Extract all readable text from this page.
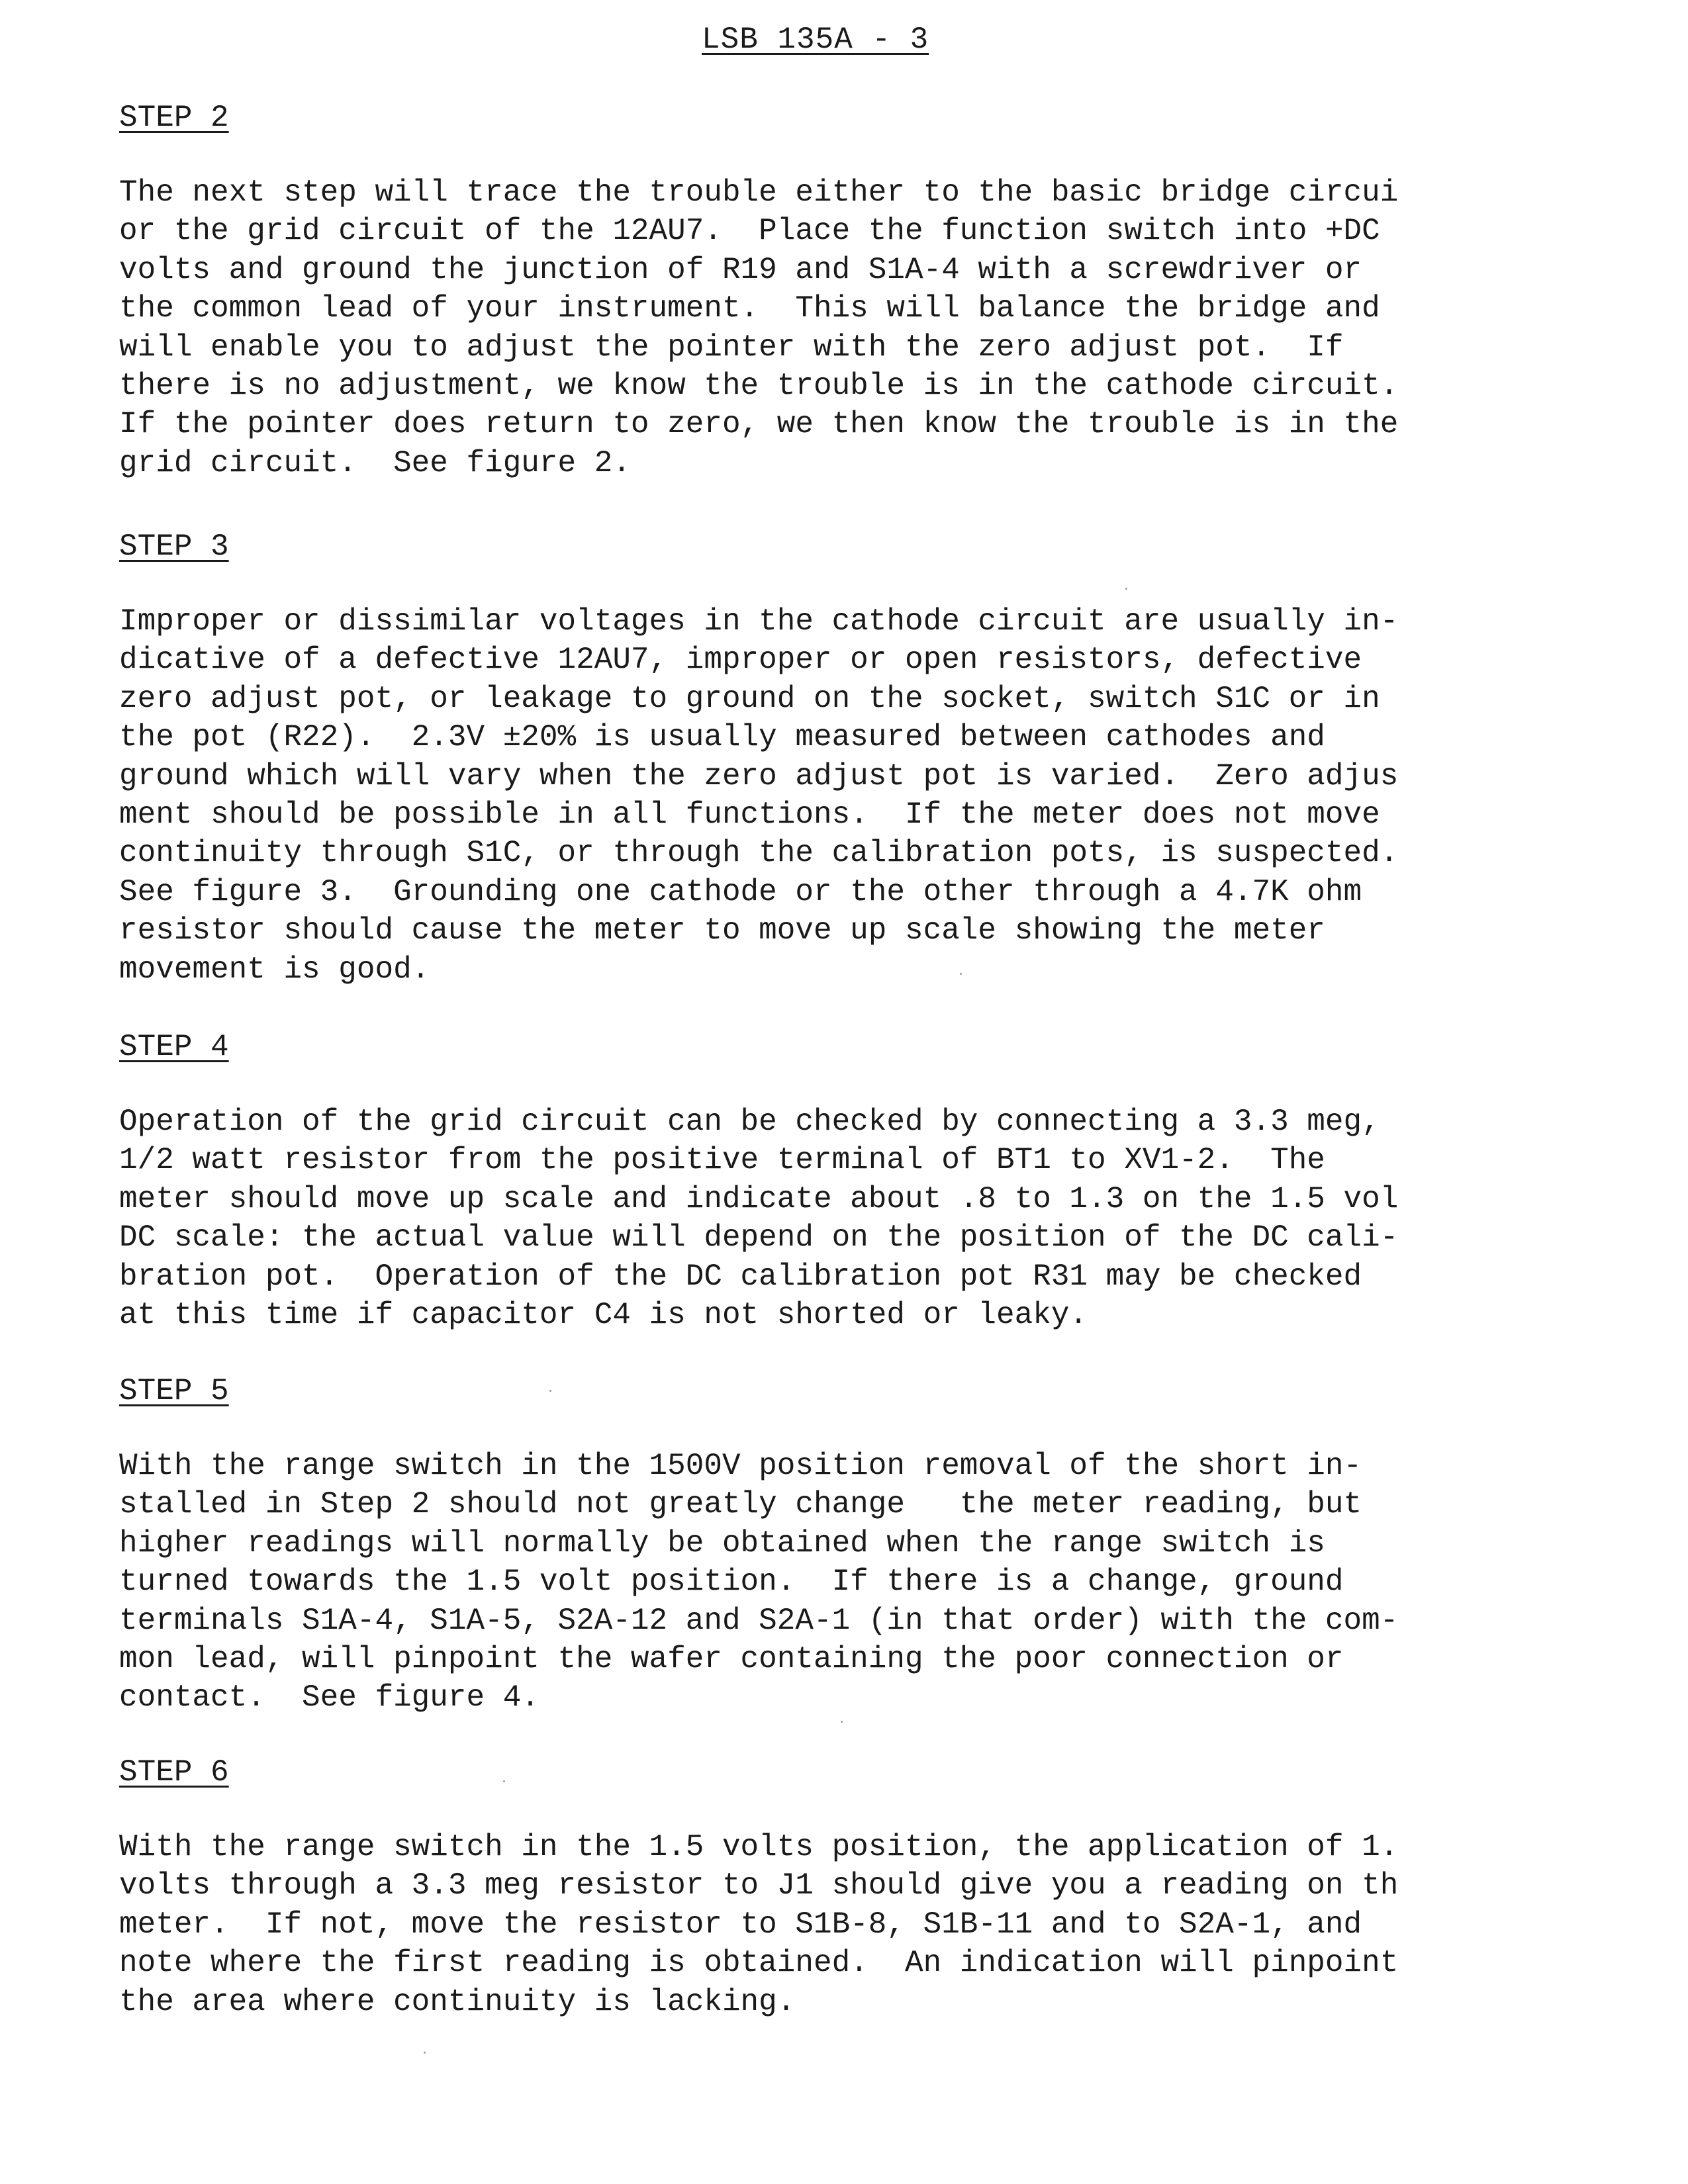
LSB 135A - 3
STEP 2
The next step will trace the trouble either to the basic bridge circui
or the grid circuit of the 12AU7.  Place the function switch into +DC
volts and ground the junction of R19 and S1A-4 with a screwdriver or
the common lead of your instrument.  This will balance the bridge and
will enable you to adjust the pointer with the zero adjust pot.  If
there is no adjustment, we know the trouble is in the cathode circuit.
If the pointer does return to zero, we then know the trouble is in the
grid circuit.  See figure 2.
STEP 3
Improper or dissimilar voltages in the cathode circuit are usually in-
dicative of a defective 12AU7, improper or open resistors, defective
zero adjust pot, or leakage to ground on the socket, switch S1C or in
the pot (R22).  2.3V ±20% is usually measured between cathodes and
ground which will vary when the zero adjust pot is varied.  Zero adjus
ment should be possible in all functions.  If the meter does not move
continuity through S1C, or through the calibration pots, is suspected.
See figure 3.  Grounding one cathode or the other through a 4.7K ohm
resistor should cause the meter to move up scale showing the meter
movement is good.
STEP 4
Operation of the grid circuit can be checked by connecting a 3.3 meg,
1/2 watt resistor from the positive terminal of BT1 to XV1-2.  The
meter should move up scale and indicate about .8 to 1.3 on the 1.5 vol
DC scale: the actual value will depend on the position of the DC cali-
bration pot.  Operation of the DC calibration pot R31 may be checked
at this time if capacitor C4 is not shorted or leaky.
STEP 5
With the range switch in the 1500V position removal of the short in-
stalled in Step 2 should not greatly change   the meter reading, but
higher readings will normally be obtained when the range switch is
turned towards the 1.5 volt position.  If there is a change, ground
terminals S1A-4, S1A-5, S2A-12 and S2A-1 (in that order) with the com-
mon lead, will pinpoint the wafer containing the poor connection or
contact.  See figure 4.
STEP 6
With the range switch in the 1.5 volts position, the application of 1.
volts through a 3.3 meg resistor to J1 should give you a reading on th
meter.  If not, move the resistor to S1B-8, S1B-11 and to S2A-1, and
note where the first reading is obtained.  An indication will pinpoint
the area where continuity is lacking.
